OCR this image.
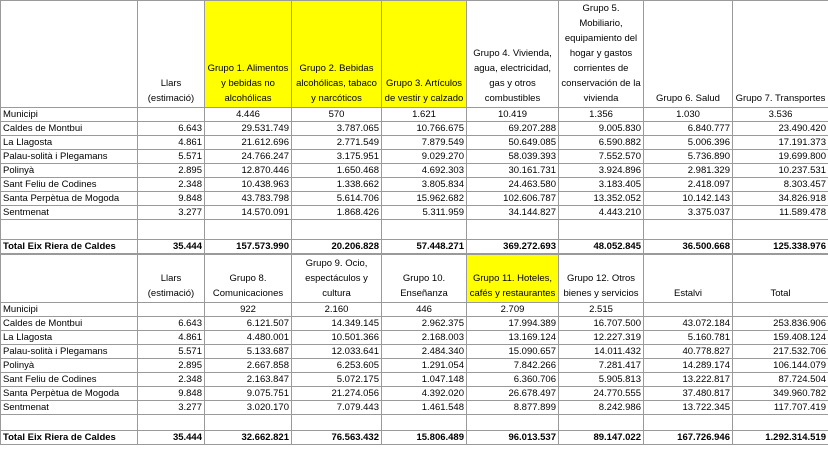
	Llars (estimació)	Grupo 1. Alimentos y bebidas no alcohólicas	Grupo 2. Bebidas alcohólicas, tabaco y narcóticos	Grupo 3. Artículos de vestir y calzado	Grupo 4. Vivienda, agua, electricidad, gas y otros combustibles	Grupo 5. Mobiliario, equipamiento del hogar y gastos corrientes de conservación de la vivienda	Grupo 6. Salud	Grupo 7. Transportes
Municipi		4.446	570	1.621	10.419	1.356	1.030	3.536
Caldes de Montbui	6.643	29.531.749	3.787.065	10.766.675	69.207.288	9.005.830	6.840.777	23.490.420
La Llagosta	4.861	21.612.696	2.771.549	7.879.549	50.649.085	6.590.882	5.006.396	17.191.373
Palau-solità i Plegamans	5.571	24.766.247	3.175.951	9.029.270	58.039.393	7.552.570	5.736.890	19.699.800
Polinyà	2.895	12.870.446	1.650.468	4.692.303	30.161.731	3.924.896	2.981.329	10.237.531
Sant Feliu de Codines	2.348	10.438.963	1.338.662	3.805.834	24.463.580	3.183.405	2.418.097	8.303.457
Santa Perpètua de Mogoda	9.848	43.783.798	5.614.706	15.962.682	102.606.787	13.352.052	10.142.143	34.826.918
Sentmenat	3.277	14.570.091	1.868.426	5.311.959	34.144.827	4.443.210	3.375.037	11.589.478

Total Eix Riera de Caldes	35.444	157.573.990	20.206.828	57.448.271	369.272.693	48.052.845	36.500.668	125.338.976
	Llars (estimació)	Grupo 8. Comunicaciones	Grupo 9. Ocio, espectáculos y cultura	Grupo 10. Enseñanza	Grupo 11. Hoteles, cafés y restaurantes	Grupo 12. Otros bienes y servicios	Estalvi	Total
Municipi		922	2.160	446	2.709	2.515		
Caldes de Montbui	6.643	6.121.507	14.349.145	2.962.375	17.994.389	16.707.500	43.072.184	253.836.906
La Llagosta	4.861	4.480.001	10.501.366	2.168.003	13.169.124	12.227.319	5.160.781	159.408.124
Palau-solità i Plegamans	5.571	5.133.687	12.033.641	2.484.340	15.090.657	14.011.432	40.778.827	217.532.706
Polinyà	2.895	2.667.858	6.253.605	1.291.054	7.842.266	7.281.417	14.289.174	106.144.079
Sant Feliu de Codines	2.348	2.163.847	5.072.175	1.047.148	6.360.706	5.905.813	13.222.817	87.724.504
Santa Perpètua de Mogoda	9.848	9.075.751	21.274.056	4.392.020	26.678.497	24.770.555	37.480.817	349.960.782
Sentmenat	3.277	3.020.170	7.079.443	1.461.548	8.877.899	8.242.986	13.722.345	117.707.419

Total Eix Riera de Caldes	35.444	32.662.821	76.563.432	15.806.489	96.013.537	89.147.022	167.726.946	1.292.314.519
